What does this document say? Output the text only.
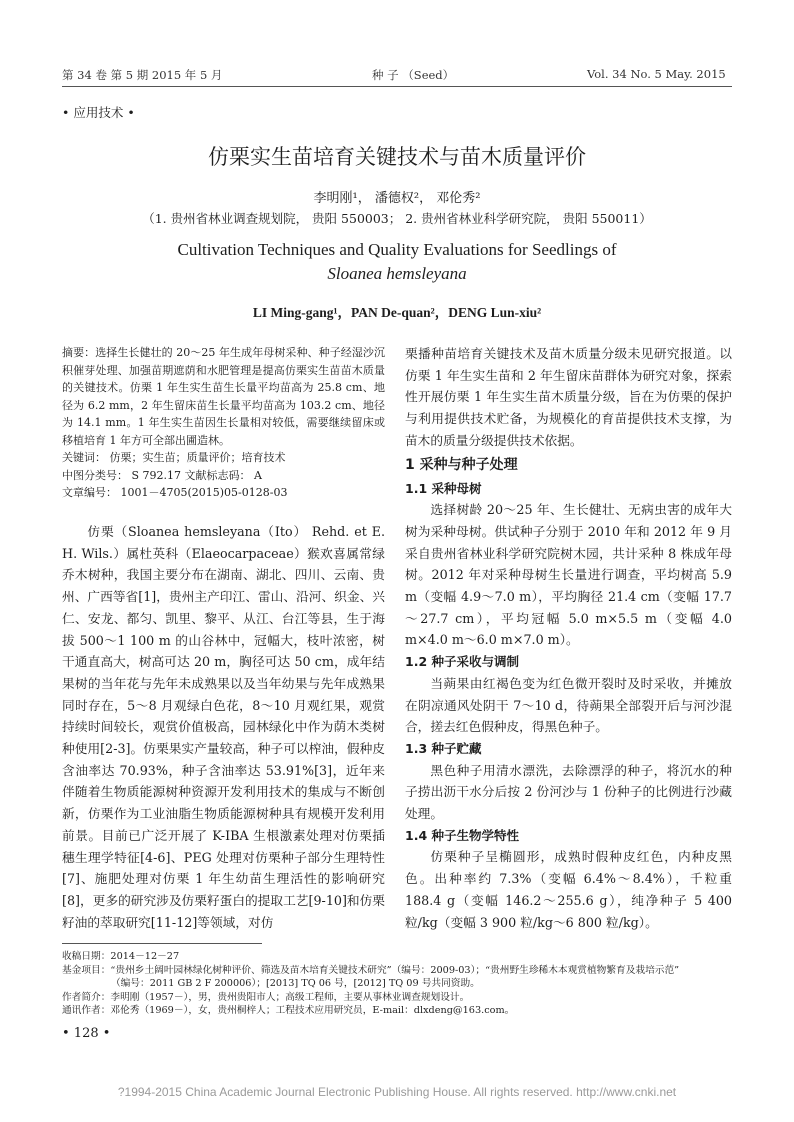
第 34 卷 第 5 期 2015 年 5 月	种 子 （Seed）	Vol. 34 No. 5 May. 2015
• 应用技术 •
仿栗实生苗培育关键技术与苗木质量评价
李明刚¹， 潘德权²， 邓伦秀²
（1. 贵州省林业调查规划院， 贵阳 550003； 2. 贵州省林业科学研究院， 贵阳 550011）
Cultivation Techniques and Quality Evaluations for Seedlings of
Sloanea hemsleyana
LI Ming-gang¹，PAN De-quan²，DENG Lun-xiu²

摘要：选择生长健壮的 20～25 年生成年母树采种、种子经湿沙沉积催芽处理、加强苗期遮荫和水肥管理是提高仿栗实生苗苗木质量的关键技术。仿栗 1 年生实生苗生长量平均苗高为 25.8 cm、地径为 6.2 mm，2 年生留床苗生长量平均苗高为 103.2 cm、地径为 14.1 mm。1 年生实生苗因生长量相对较低，需要继续留床或移植培育 1 年方可全部出圃造林。

关键词： 仿栗；实生苗；质量评价；培育技术

中图分类号： S 792.17 文献标志码： A

文章编号： 1001－4705(2015)05-0128-03

仿栗（Sloanea hemsleyana（Ito） Rehd. et E. H. Wils.）属杜英科（Elaeocarpaceae）猴欢喜属常绿乔木树种，我国主要分布在湖南、湖北、四川、云南、贵州、广西等省[1]，贵州主产印江、雷山、沿河、织金、兴仁、安龙、都匀、凯里、黎平、从江、台江等县，生于海拔 500～1 100 m 的山谷林中，冠幅大，枝叶浓密，树干通直高大，树高可达 20 m，胸径可达 50 cm，成年结果树的当年花与先年未成熟果以及当年幼果与先年成熟果同时存在，5～8 月观绿白色花，8～10 月观红果，观赏持续时间较长，观赏价值极高，园林绿化中作为荫木类树种使用[2-3]。仿栗果实产量较高，种子可以榨油，假种皮含油率达 70.93%，种子含油率达 53.91%[3]，近年来伴随着生物质能源树种资源开发利用技术的集成与不断创新，仿栗作为工业油脂生物质能源树种具有规模开发利用前景。目前已广泛开展了 K-IBA 生根激素处理对仿栗插穗生理学特征[4-6]、PEG 处理对仿栗种子部分生理特性[7]、施肥处理对仿栗 1 年生幼苗生理活性的影响研究[8]，更多的研究涉及仿栗籽蛋白的提取工艺[9-10]和仿栗籽油的萃取研究[11-12]等领域，对仿

栗播种苗培育关键技术及苗木质量分级未见研究报道。以仿栗 1 年生实生苗和 2 年生留床苗群体为研究对象，探索性开展仿栗 1 年生实生苗木质量分级，旨在为仿栗的保护与利用提供技术贮备，为规模化的育苗提供技术支撑，为苗木的质量分级提供技术依据。

1 采种与种子处理
1.1 采种母树

选择树龄 20～25 年、生长健壮、无病虫害的成年大树为采种母树。供试种子分别于 2010 年和 2012 年 9 月采自贵州省林业科学研究院树木园，共计采种 8 株成年母树。2012 年对采种母树生长量进行调查，平均树高 5.9 m（变幅 4.9～7.0 m），平均胸径 21.4 cm（变幅 17.7～27.7 cm），平均冠幅 5.0 m×5.5 m（变幅 4.0 m×4.0 m～6.0 m×7.0 m）。

1.2 种子采收与调制

当蒴果由红褐色变为红色微开裂时及时采收，并摊放在阴凉通风处阴干 7～10 d，待蒴果全部裂开后与河沙混合，搓去红色假种皮，得黑色种子。

1.3 种子贮藏

黑色种子用清水漂洗，去除漂浮的种子，将沉水的种子捞出沥干水分后按 2 份河沙与 1 份种子的比例进行沙藏处理。

1.4 种子生物学特性

仿栗种子呈椭圆形，成熟时假种皮红色，内种皮黑色。出种率约 7.3%（变幅 6.4%～8.4%），千粒重 188.4 g（变幅 146.2～255.6 g），纯净种子 5 400 粒/kg（变幅 3 900 粒/kg～6 800 粒/kg）。

收稿日期：2014－12－27

基金项目：“贵州乡土阔叶园林绿化树种评价、筛选及苗木培育关键技术研究”（编号：2009-03）；“贵州野生珍稀木本观赏植物繁育及栽培示范”

（编号：2011 GB 2 F 200006）；[2013] TQ 06 号，[2012] TQ 09 号共同资助。

作者简介：李明刚（1957－），男，贵州贵阳市人；高级工程师，主要从事林业调查规划设计。

通讯作者：邓伦秀（1969－），女，贵州桐梓人；工程技术应用研究员，E-mail：dlxdeng@163.com。

• 128 •
?1994-2015 China Academic Journal Electronic Publishing House. All rights reserved. http://www.cnki.net
